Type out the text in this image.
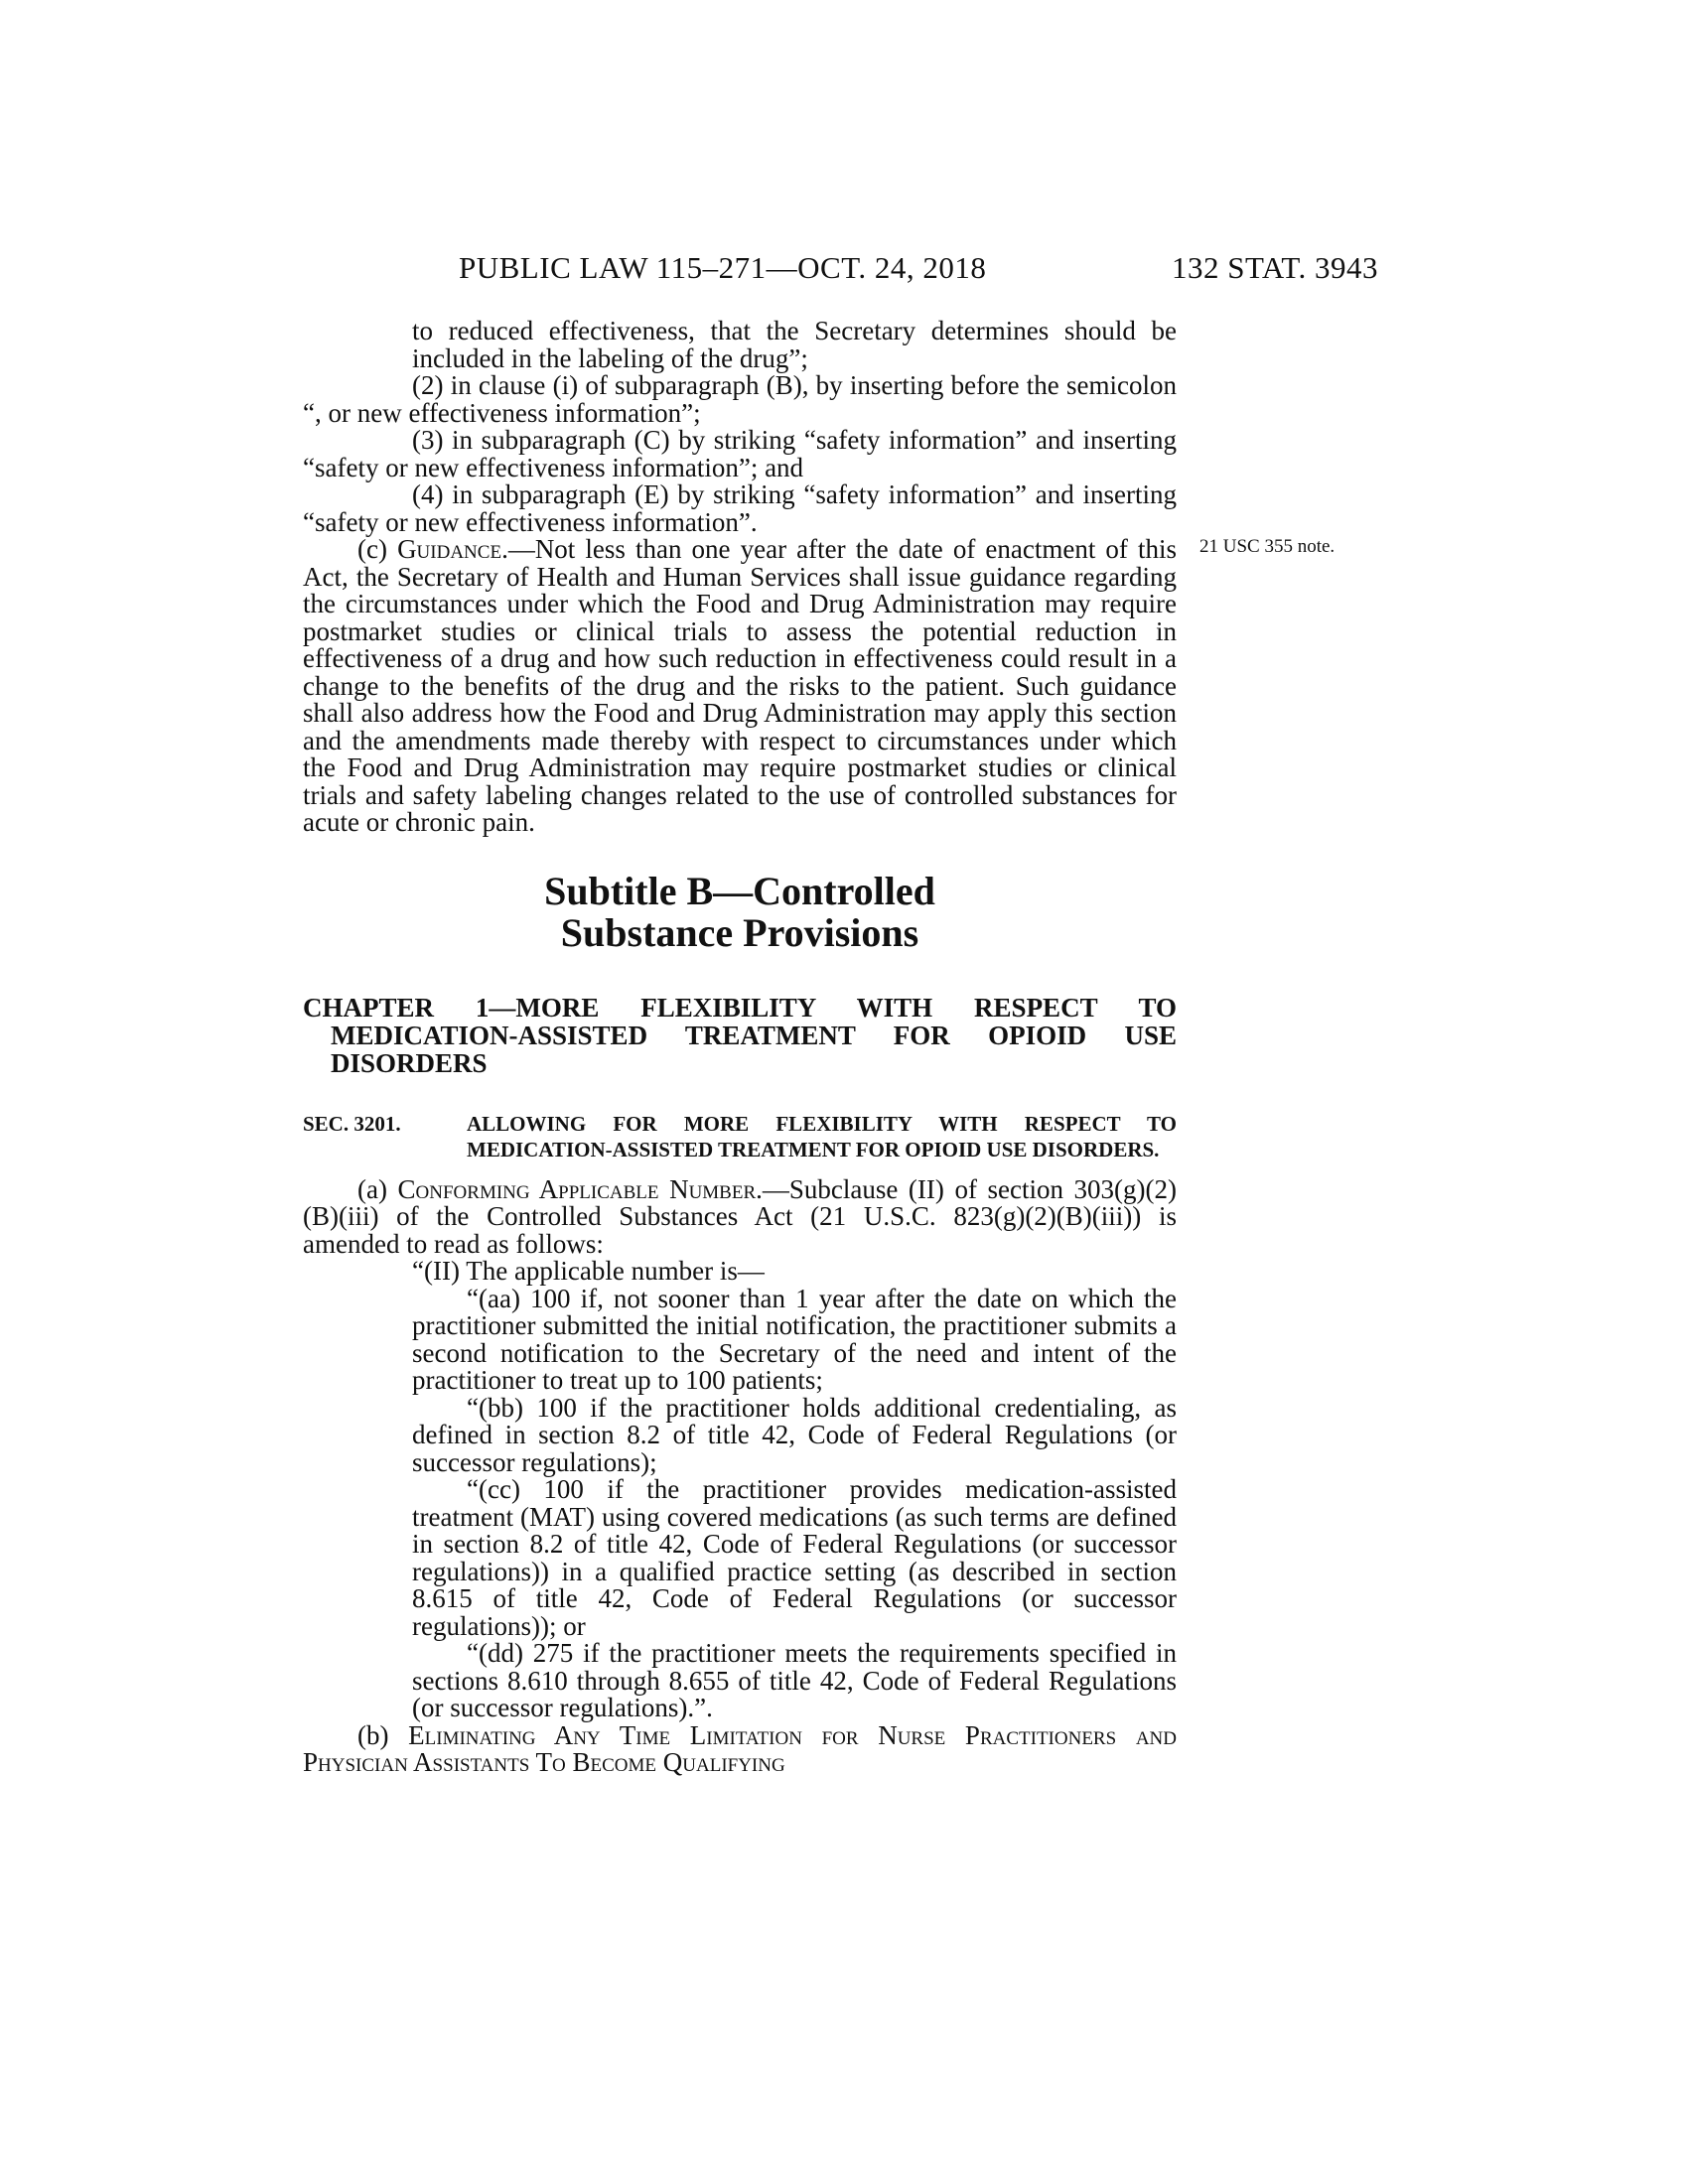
PUBLIC LAW 115–271—OCT. 24, 2018	132 STAT. 3943
21 USC 355 note.

to reduced effectiveness, that the Secretary determines should be included in the labeling of the drug”;

(2) in clause (i) of subparagraph (B), by inserting before the semicolon “, or new effectiveness information”;

(3) in subparagraph (C) by striking “safety information” and inserting “safety or new effectiveness information”; and

(4) in subparagraph (E) by striking “safety information” and inserting “safety or new effectiveness information”.

(c) Guidance.—Not less than one year after the date of enactment of this Act, the Secretary of Health and Human Services shall issue guidance regarding the circumstances under which the Food and Drug Administration may require postmarket studies or clinical trials to assess the potential reduction in effectiveness of a drug and how such reduction in effectiveness could result in a change to the benefits of the drug and the risks to the patient. Such guidance shall also address how the Food and Drug Administration may apply this section and the amendments made thereby with respect to circumstances under which the Food and Drug Administration may require postmarket studies or clinical trials and safety labeling changes related to the use of controlled substances for acute or chronic pain.

Subtitle B—Controlled Substance Provisions

CHAPTER 1—MORE FLEXIBILITY WITH RESPECT TO MEDICATION-ASSISTED TREATMENT FOR OPIOID USE DISORDERS

SEC. 3201.	ALLOWING FOR MORE FLEXIBILITY WITH RESPECT TO MEDICATION-ASSISTED TREATMENT FOR OPIOID USE DISORDERS.

(a) Conforming Applicable Number.—Subclause (II) of section 303(g)(2)(B)(iii) of the Controlled Substances Act (21 U.S.C. 823(g)(2)(B)(iii)) is amended to read as follows:

“(II) The applicable number is—

“(aa) 100 if, not sooner than 1 year after the date on which the practitioner submitted the initial notification, the practitioner submits a second notification to the Secretary of the need and intent of the practitioner to treat up to 100 patients;

“(bb) 100 if the practitioner holds additional credentialing, as defined in section 8.2 of title 42, Code of Federal Regulations (or successor regulations);

“(cc) 100 if the practitioner provides medication-assisted treatment (MAT) using covered medications (as such terms are defined in section 8.2 of title 42, Code of Federal Regulations (or successor regulations)) in a qualified practice setting (as described in section 8.615 of title 42, Code of Federal Regulations (or successor regulations)); or

“(dd) 275 if the practitioner meets the requirements specified in sections 8.610 through 8.655 of title 42, Code of Federal Regulations (or successor regulations).”.

(b) Eliminating Any Time Limitation for Nurse Practitioners and Physician Assistants To Become Qualifying
